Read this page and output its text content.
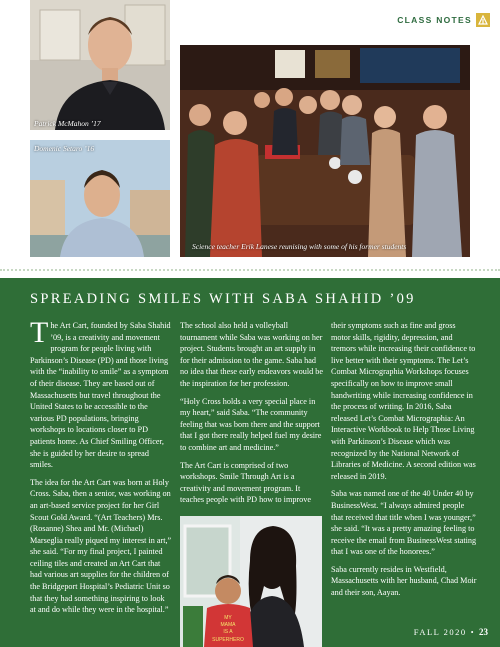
CLASS NOTES
Patrick McMahon ’17
Domenic Setaro ’16
Science teacher Erik Lanese reunising with some of his former students
SPREADING SMILES WITH SABA SHAHID ’09

The Art Cart, founded by Saba Shahid ’09, is a creativity and movement program for people living with Parkinson’s Disease (PD) and those living with the “inability to smile” as a symptom of their disease. They are based out of Massachusetts but travel throughout the United States to be accessible to the various PD populations, bringing workshops to locations closer to PD patients home. As Chief Smiling Officer, she is guided by her desire to spread smiles.

The idea for the Art Cart was born at Holy Cross. Saba, then a senior, was working on an art-based service project for her Girl Scout Gold Award. “(Art Teachers) Mrs. (Rosanne) Shea and Mr. (Michael) Marseglia really piqued my interest in art,” she said. “For my final project, I painted ceiling tiles and created an Art Cart that had various art supplies for the children of the Bridgeport Hospital’s Pediatric Unit so that they had something inspiring to look at and do while they were in the hospital.”

The school also held a volleyball tournament while Saba was working on her project. Students brought an art supply in for their admission to the game. Saba had no idea that these early endeavors would be the inspiration for her profession.

“Holy Cross holds a very special place in my heart,” said Saba. “The community feeling that was born there and the support that I got there really helped fuel my desire to combine art and medicine.”

The Art Cart is comprised of two workshops. Smile Through Art is a creativity and movement program. It teaches people with PD how to improve

MY
MAMA
IS A
SUPERHERO

their symptoms such as fine and gross motor skills, rigidity, depression, and tremors while increasing their confidence to live better with their symptoms. The Let’s Combat Micrographia Workshops focuses specifically on how to improve small handwriting while increasing confidence in the process of writing. In 2016, Saba released Let’s Combat Micrographia: An Interactive Workbook to Help Those Living with Parkinson’s Disease which was recognized by the National Network of Libraries of Medicine. A second edition was released in 2019.

Saba was named one of the 40 Under 40 by BusinessWest. “I always admired people that received that title when I was younger,” she said. “It was a pretty amazing feeling to receive the email from BusinessWest stating that I was one of the honorees.”

Saba currently resides in Westfield, Massachusetts with her husband, Chad Moir and their son, Aayan.

FALL 2020 • 23
